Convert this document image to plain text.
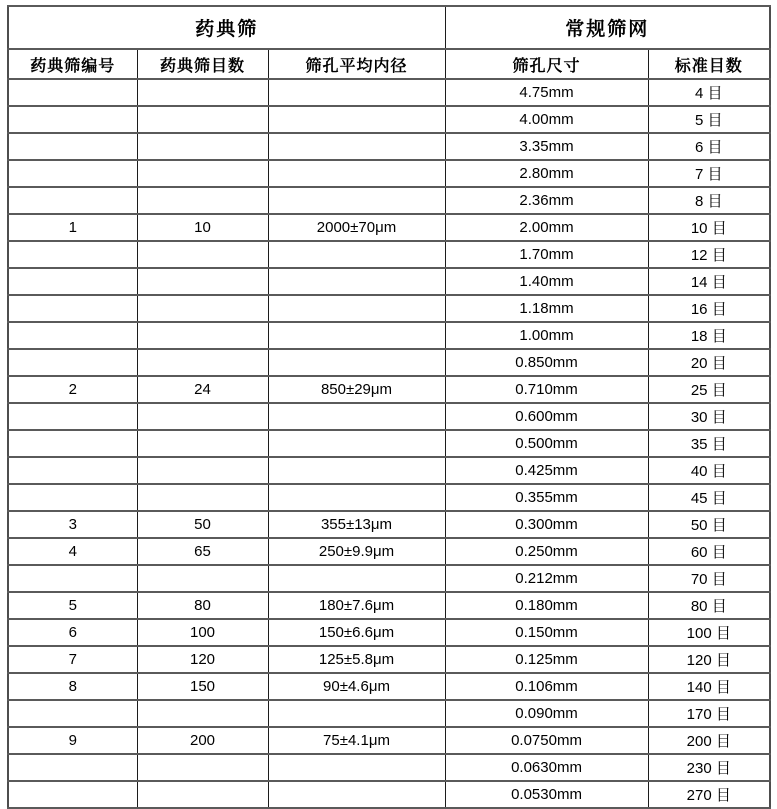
药典筛			常规筛网	
药典筛编号	药典筛目数	筛孔平均内径	筛孔尺寸	标准目数
			4.75mm	4 目
			4.00mm	5 目
			3.35mm	6 目
			2.80mm	7 目
			2.36mm	8 目
1	10	2000±70μm	2.00mm	10 目
			1.70mm	12 目
			1.40mm	14 目
			1.18mm	16 目
			1.00mm	18 目
			0.850mm	20 目
2	24	850±29μm	0.710mm	25 目
			0.600mm	30 目
			0.500mm	35 目
			0.425mm	40 目
			0.355mm	45 目
3	50	355±13μm	0.300mm	50 目
4	65	250±9.9μm	0.250mm	60 目
			0.212mm	70 目
5	80	180±7.6μm	0.180mm	80 目
6	100	150±6.6μm	0.150mm	100 目
7	120	125±5.8μm	0.125mm	120 目
8	150	90±4.6μm	0.106mm	140 目
			0.090mm	170 目
9	200	75±4.1μm	0.0750mm	200 目
			0.0630mm	230 目
			0.0530mm	270 目
